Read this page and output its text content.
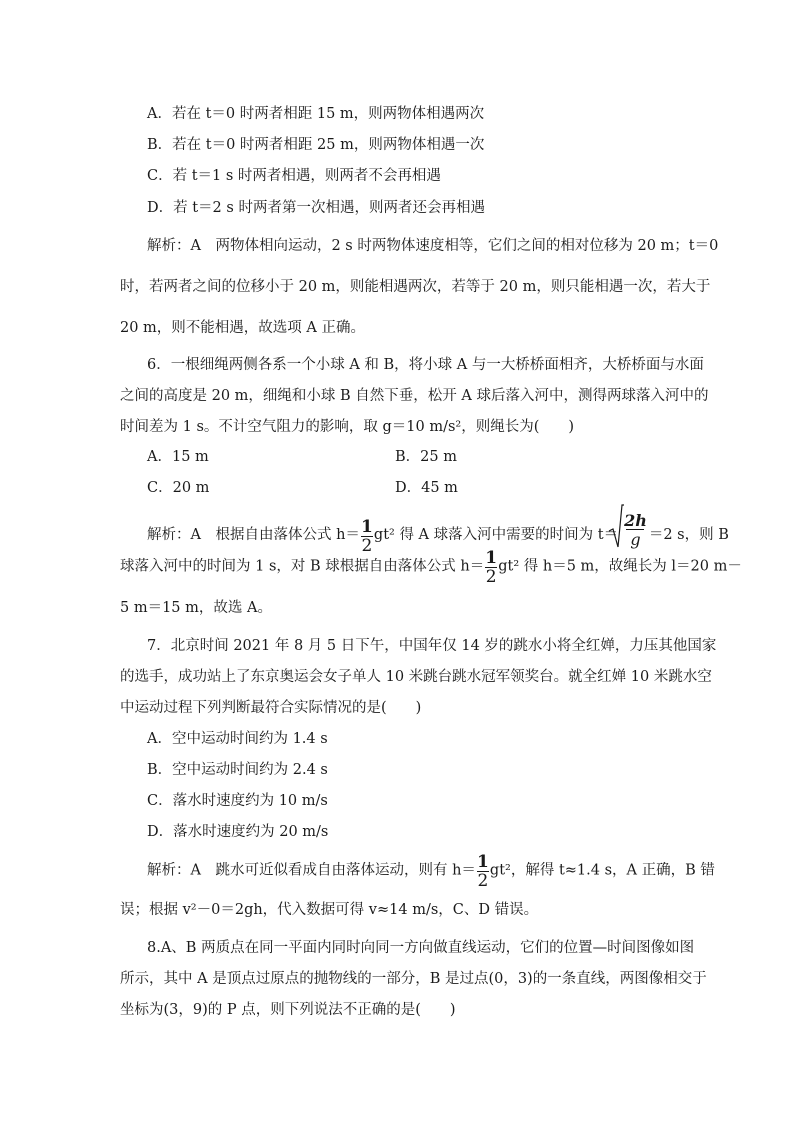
A．若在 t＝0 时两者相距 15 m，则两物体相遇两次
B．若在 t＝0 时两者相距 25 m，则两物体相遇一次
C．若 t＝1 s 时两者相遇，则两者不会再相遇
D．若 t＝2 s 时两者第一次相遇，则两者还会再相遇
解析：A　两物体相向运动，2 s 时两物体速度相等，它们之间的相对位移为 20 m；t＝0
时，若两者之间的位移小于 20 m，则能相遇两次，若等于 20 m，则只能相遇一次，若大于
20 m，则不能相遇，故选项 A 正确。
6．一根细绳两侧各系一个小球 A 和 B，将小球 A 与一大桥桥面相齐，大桥桥面与水面
之间的高度是 20 m，细绳和小球 B 自然下垂，松开 A 球后落入河中，测得两球落入河中的
时间差为 1 s。不计空气阻力的影响，取 g＝10 m/s²，则绳长为(　　)
A．15 m	B．25 m
C．20 m	D．45 m
解析：A　根据自由落体公式 $h= \frac{1}{2} gt^2$ 得 A 球落入河中需要的时间为 $t= \frac{2h}{g} =2$ s，则 B
球落入河中的时间为 1 s，对 B 球根据自由落体公式 $h= \frac{1}{2} gt^2$ 得 h＝5 m，故绳长为 l＝20 m－
5 m＝15 m，故选 A。
7．北京时间 2021 年 8 月 5 日下午，中国年仅 14 岁的跳水小将全红婵，力压其他国家
的选手，成功站上了东京奥运会女子单人 10 米跳台跳水冠军领奖台。就全红婵 10 米跳水空
中运动过程下列判断最符合实际情况的是(　　)
A．空中运动时间约为 1.4 s
B．空中运动时间约为 2.4 s
C．落水时速度约为 10 m/s
D．落水时速度约为 20 m/s
解析：A　跳水可近似看成自由落体运动，则有 $h= \frac{1}{2} gt^2$，解得 t≈1.4 s，A 正确，B 错
误；根据 v²－0＝2gh，代入数据可得 v≈14 m/s，C、D 错误。
8.A、B 两质点在同一平面内同时向同一方向做直线运动，它们的位置—时间图像如图
所示，其中 A 是顶点过原点的抛物线的一部分，B 是过点(0，3)的一条直线，两图像相交于
坐标为(3，9)的 P 点，则下列说法不正确的是(　　)
